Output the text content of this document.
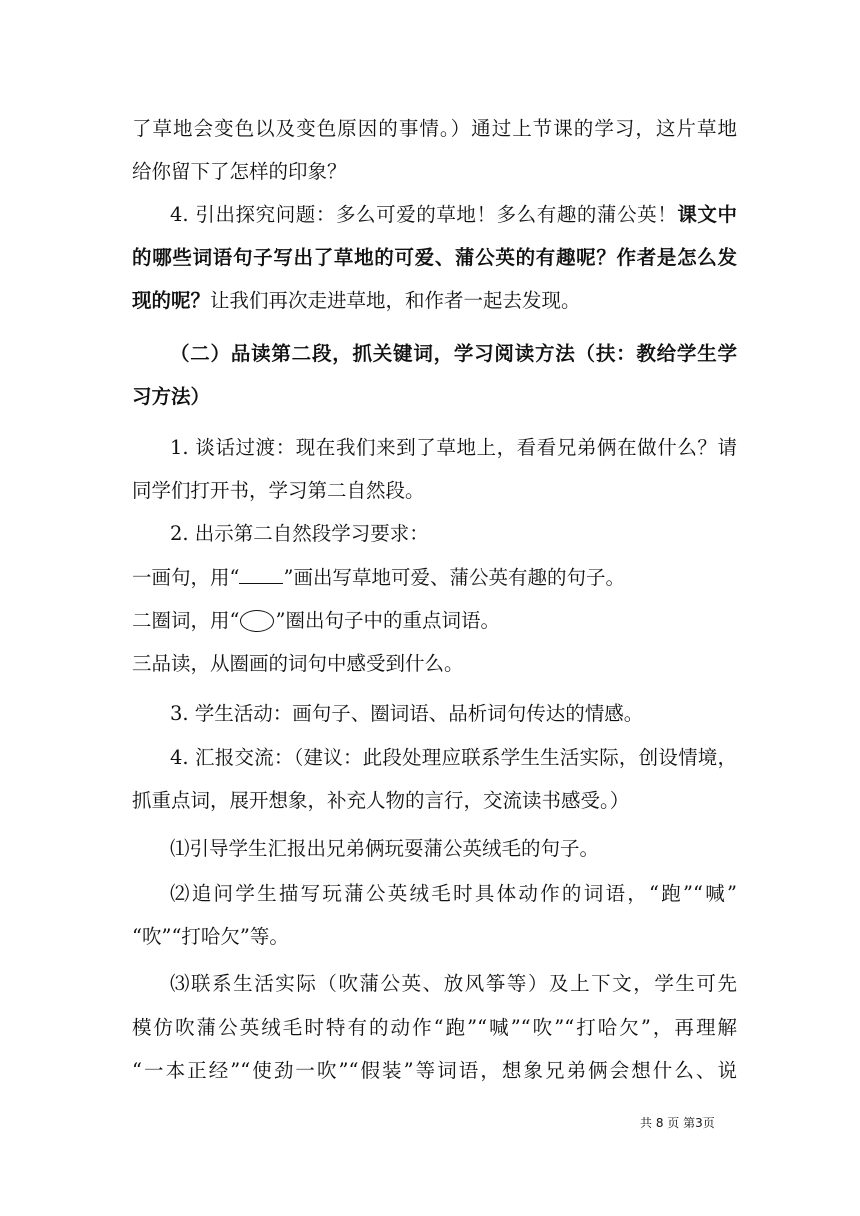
了草地会变色以及变色原因的事情。）通过上节课的学习，这片草地
给你留下了怎样的印象？
4. 引出探究问题：多么可爱的草地！多么有趣的蒲公英！课文中
的哪些词语句子写出了草地的可爱、蒲公英的有趣呢？作者是怎么发
现的呢？让我们再次走进草地，和作者一起去发现。
（二）品读第二段，抓关键词，学习阅读方法（扶：教给学生学
习方法）
1. 谈话过渡：现在我们来到了草地上，看看兄弟俩在做什么？请
同学们打开书，学习第二自然段。
2. 出示第二自然段学习要求：
一画句，用“ ”画出写草地可爱、蒲公英有趣的句子。
二圈词，用“ ”圈出句子中的重点词语。
三品读，从圈画的词句中感受到什么。
3. 学生活动：画句子、圈词语、品析词句传达的情感。
4. 汇报交流：（建议：此段处理应联系学生生活实际，创设情境，
抓重点词，展开想象，补充人物的言行，交流读书感受。）
⑴引导学生汇报出兄弟俩玩耍蒲公英绒毛的句子。
⑵追问学生描写玩蒲公英绒毛时具体动作的词语，“跑”“喊”
“吹”“打哈欠”等。
⑶联系生活实际（吹蒲公英、放风筝等）及上下文，学生可先
模仿吹蒲公英绒毛时特有的动作“跑”“喊”“吹”“打哈欠”，再理解
“一本正经”“使劲一吹”“假装”等词语，想象兄弟俩会想什么、说
共 8 页 第3页
